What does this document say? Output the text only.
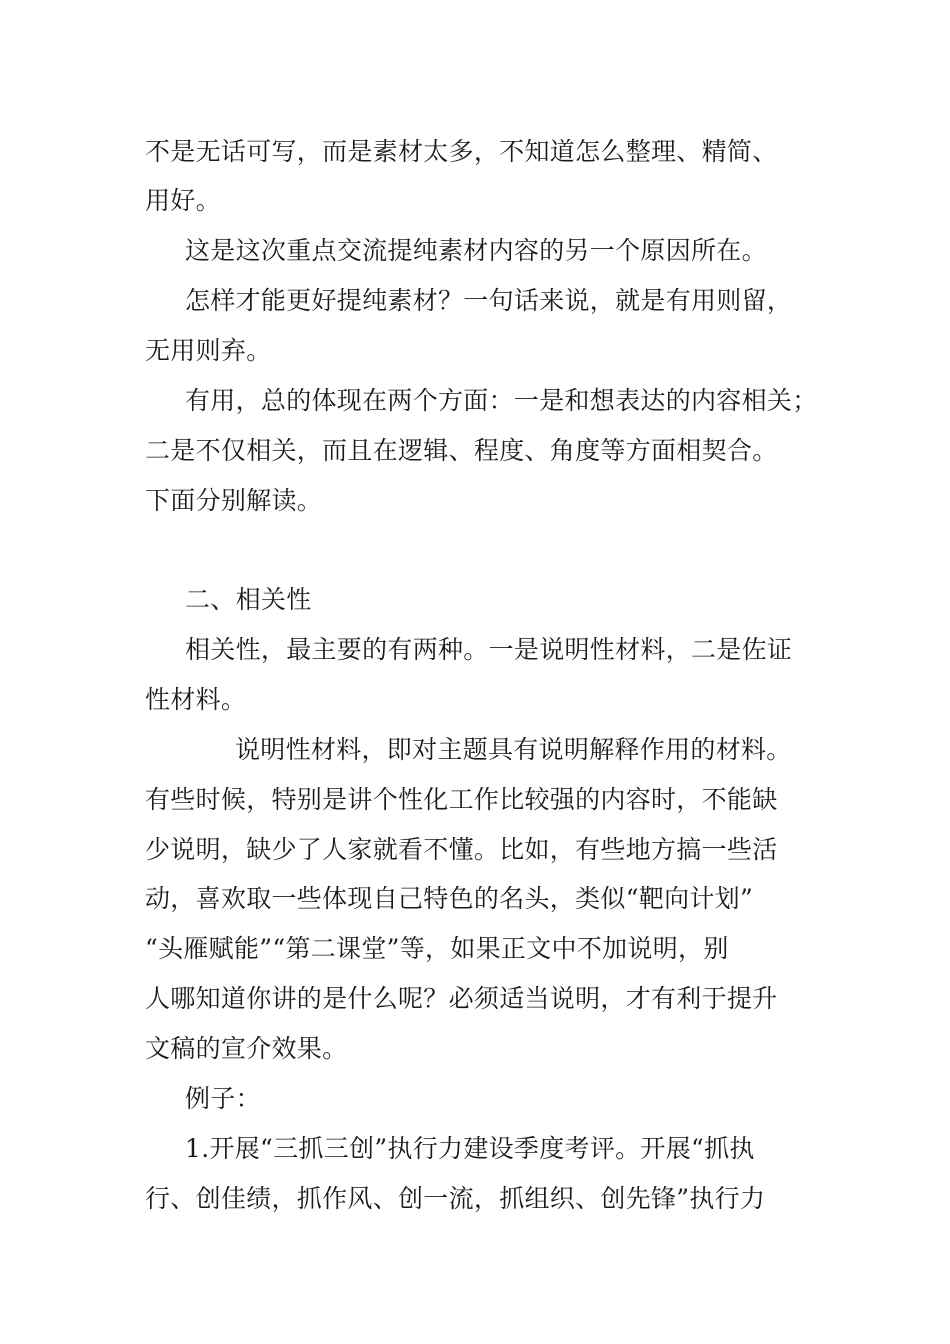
不是无话可写，而是素材太多，不知道怎么整理、精简、
用好。
这是这次重点交流提纯素材内容的另一个原因所在。
怎样才能更好提纯素材？一句话来说，就是有用则留，
无用则弃。
有用，总的体现在两个方面：一是和想表达的内容相关；
二是不仅相关，而且在逻辑、程度、角度等方面相契合。
下面分别解读。
二、相关性
相关性，最主要的有两种。一是说明性材料，二是佐证
性材料。
说明性材料，即对主题具有说明解释作用的材料。
有些时候，特别是讲个性化工作比较强的内容时，不能缺
少说明，缺少了人家就看不懂。比如，有些地方搞一些活
动，喜欢取一些体现自己特色的名头，类似“靶向计划”
“头雁赋能”“第二课堂”等，如果正文中不加说明，别
人哪知道你讲的是什么呢？必须适当说明，才有利于提升
文稿的宣介效果。
例子：
1.开展“三抓三创”执行力建设季度考评。开展“抓执
行、创佳绩，抓作风、创一流，抓组织、创先锋”执行力
